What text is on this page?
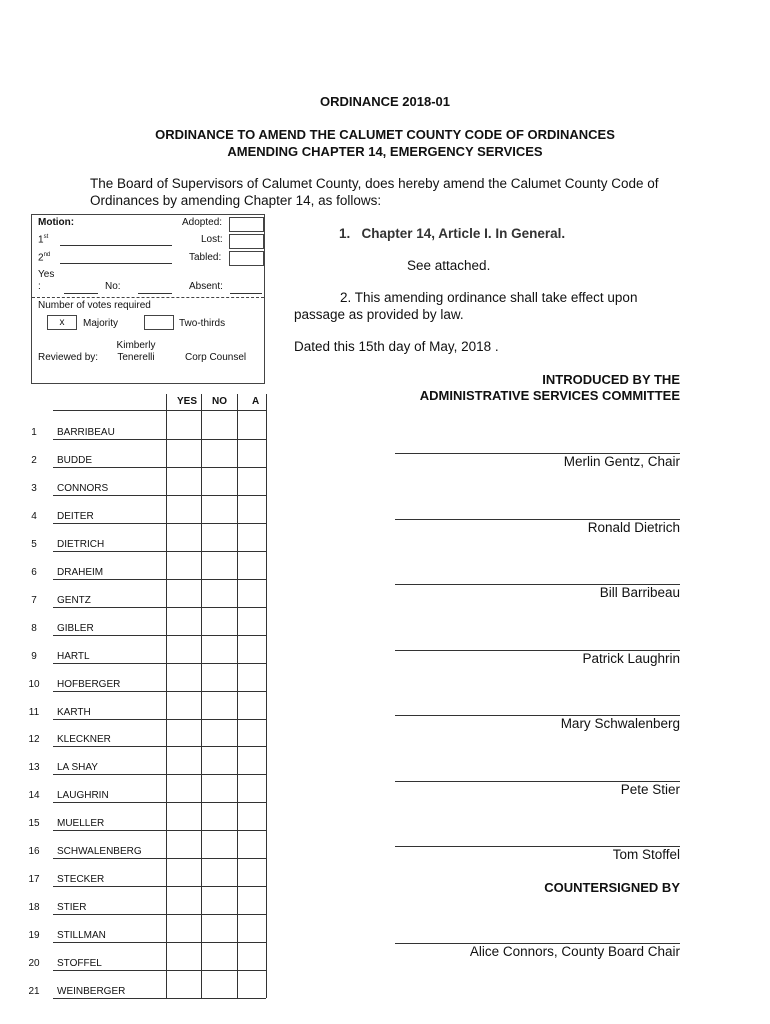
ORDINANCE 2018-01
ORDINANCE TO AMEND THE CALUMET COUNTY CODE OF ORDINANCES
AMENDING CHAPTER 14, EMERGENCY SERVICES
The Board of Supervisors of Calumet County, does hereby amend the Calumet County Code of Ordinances by amending Chapter 14, as follows:
Motion:	Adopted:
1st	Lost:
2nd	Tabled:
Yes
:	No:	Absent:
Number of votes required
x	Majority	Two-thirds
Kimberly
Reviewed by: Tenerelli	Corp Counsel
YES NO	A
1	BARRIBEAU
2	BUDDE
3	CONNORS
4	DEITER
5	DIETRICH
6	DRAHEIM
7	GENTZ
8	GIBLER
9	HARTL
10	HOFBERGER
11	KARTH
12	KLECKNER
13	LA SHAY
14	LAUGHRIN
15	MUELLER
16	SCHWALENBERG
17	STECKER
18	STIER
19	STILLMAN
20	STOFFEL
21	WEINBERGER
1. Chapter 14, Article I. In General.
See attached.
2. This amending ordinance shall take effect upon
passage as provided by law.
Dated this 15th day of May, 2018 .
INTRODUCED BY THE
ADMINISTRATIVE SERVICES COMMITTEE
Merlin Gentz, Chair
Ronald Dietrich
Bill Barribeau
Patrick Laughrin
Mary Schwalenberg
Pete Stier
Tom Stoffel
COUNTERSIGNED BY
Alice Connors, County Board Chair
